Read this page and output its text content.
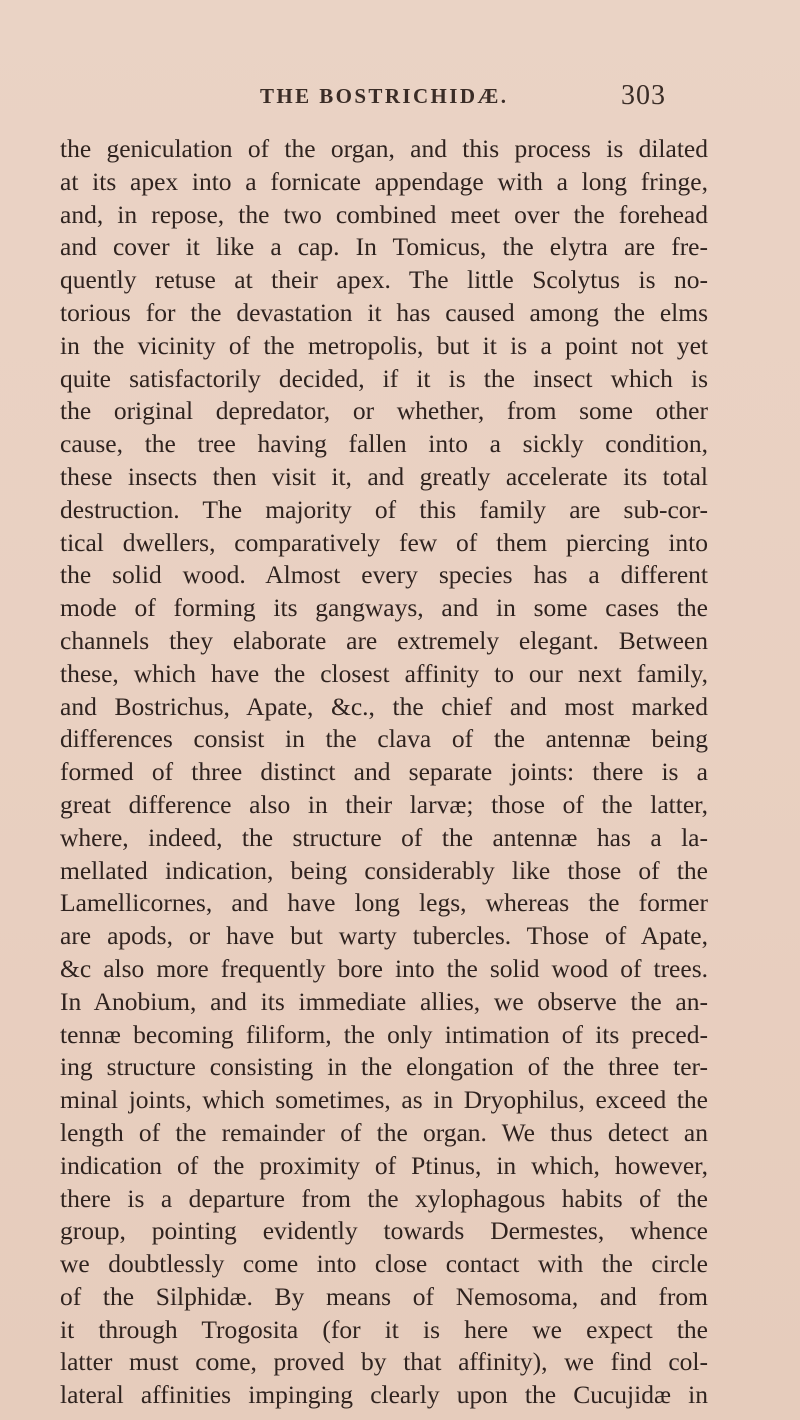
THE BOSTRICHIDÆ.	303
the geniculation of the organ, and this process is dilated
at its apex into a fornicate appendage with a long fringe,
and, in repose, the two combined meet over the forehead
and cover it like a cap. In Tomicus, the elytra are fre-
quently retuse at their apex. The little Scolytus is no-
torious for the devastation it has caused among the elms
in the vicinity of the metropolis, but it is a point not yet
quite satisfactorily decided, if it is the insect which is
the original depredator, or whether, from some other
cause, the tree having fallen into a sickly condition,
these insects then visit it, and greatly accelerate its total
destruction. The majority of this family are sub-cor-
tical dwellers, comparatively few of them piercing into
the solid wood. Almost every species has a different
mode of forming its gangways, and in some cases the
channels they elaborate are extremely elegant. Between
these, which have the closest affinity to our next family,
and Bostrichus, Apate, &c., the chief and most marked
differences consist in the clava of the antennæ being
formed of three distinct and separate joints: there is a
great difference also in their larvæ; those of the latter,
where, indeed, the structure of the antennæ has a la-
mellated indication, being considerably like those of the
Lamellicornes, and have long legs, whereas the former
are apods, or have but warty tubercles. Those of Apate,
&c also more frequently bore into the solid wood of trees.
In Anobium, and its immediate allies, we observe the an-
tennæ becoming filiform, the only intimation of its preced-
ing structure consisting in the elongation of the three ter-
minal joints, which sometimes, as in Dryophilus, exceed the
length of the remainder of the organ. We thus detect an
indication of the proximity of Ptinus, in which, however,
there is a departure from the xylophagous habits of the
group, pointing evidently towards Dermestes, whence
we doubtlessly come into close contact with the circle
of the Silphidæ. By means of Nemosoma, and from
it through Trogosita (for it is here we expect the
latter must come, proved by that affinity), we find col-
lateral affinities impinging clearly upon the Cucujidæ in
